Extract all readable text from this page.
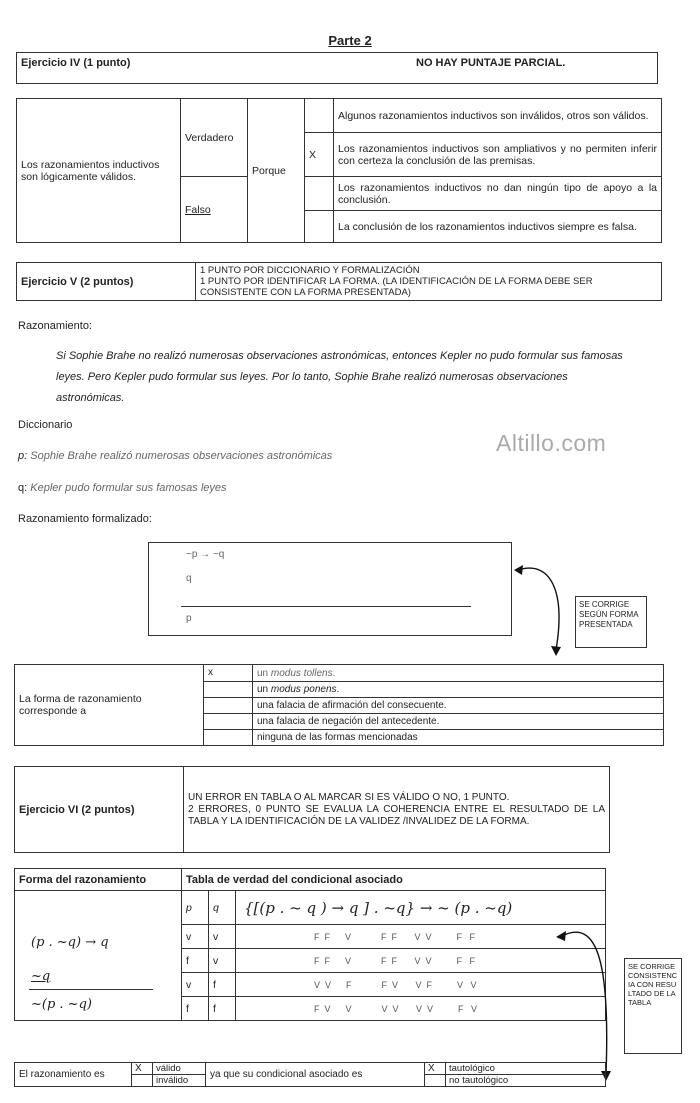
Parte 2
Ejercicio IV (1 punto)	NO HAY PUNTAJE PARCIAL.
Los razonamientos inductivos son lógicamente válidos.	Verdadero	Porque		Algunos razonamientos inductivos son inválidos, otros son válidos.
			X	Los razonamientos inductivos son ampliativos y no permiten inferir con certeza la conclusión de las premisas.
	Falso			Los razonamientos inductivos no dan ningún tipo de apoyo a la conclusión.
				La conclusión de los razonamientos inductivos siempre es falsa.
Ejercicio V (2 puntos)	1 PUNTO POR DICCIONARIO Y FORMALIZACIÓN
1 PUNTO POR IDENTIFICAR LA FORMA. (LA IDENTIFICACIÓN DE LA FORMA DEBE SER CONSISTENTE CON LA FORMA PRESENTADA)
Razonamiento:
Si Sophie Brahe no realizó numerosas observaciones astronómicas, entonces Kepler no pudo formular sus famosas leyes. Pero Kepler pudo formular sus leyes. Por lo tanto, Sophie Brahe realizó numerosas observaciones astronómicas.
Diccionario
Altillo.com
p: Sophie Brahe realizó numerosas observaciones astronómicas
q: Kepler pudo formular sus famosas leyes
Razonamiento formalizado:
~p → ~q
q
p
SE CORRIGE SEGÚN FORMA PRESENTADA
La forma de razonamiento corresponde a	x	un modus tollens.
		un modus ponens.
		una falacia de afirmación del consecuente.
		una falacia de negación del antecedente.
		ninguna de las formas mencionadas
Ejercicio VI (2 puntos)	UN ERROR EN TABLA O AL MARCAR SI ES VÁLIDO O NO, 1 PUNTO.
2 ERRORES, 0 PUNTO SE EVALUA LA COHERENCIA ENTRE EL RESULTADO DE LA TABLA Y LA IDENTIFICACIÓN DE LA VALIDEZ /INVALIDEZ DE LA FORMA.
Forma del razonamiento	Tabla de verdad del condicional asociado		

(p . ~q) → q
~q
~(p . ~q)	p	q	{[(p . ~ q ) → q ] . ~q} → ~ (p . ~q)
	v	v	F  F      V            F  F       V  V          F   F
	f	v	F  F      V            F  F       V  V          F   F
	v	f	V  V      F            F  V       V  F          V   V
	f	f	F  V      V            V  V       V  V          F   V
SE CORRIGE CONSISTENCIA CON RESULTADO DE LA TABLA
El razonamiento es	X	válido	ya que su condicional asociado es	X	tautológico
		inválido			no tautológico
